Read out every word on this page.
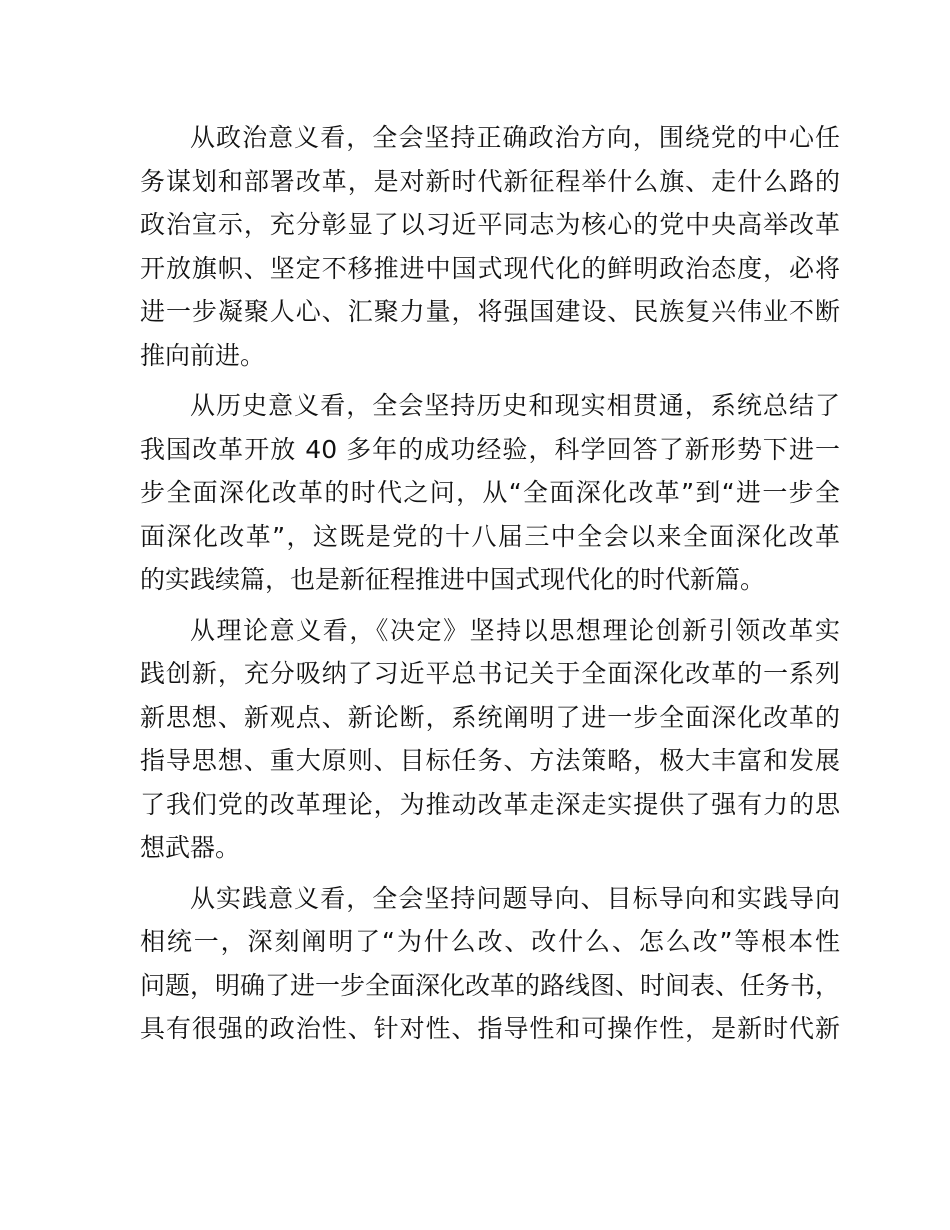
从政治意义看，全会坚持正确政治方向，围绕党的中心任
务谋划和部署改革，是对新时代新征程举什么旗、走什么路的
政治宣示，充分彰显了以习近平同志为核心的党中央高举改革
开放旗帜、坚定不移推进中国式现代化的鲜明政治态度，必将
进一步凝聚人心、汇聚力量，将强国建设、民族复兴伟业不断
推向前进。

从历史意义看，全会坚持历史和现实相贯通，系统总结了
我国改革开放 40 多年的成功经验，科学回答了新形势下进一
步全面深化改革的时代之问，从“全面深化改革”到“进一步全
面深化改革”，这既是党的十八届三中全会以来全面深化改革
的实践续篇，也是新征程推进中国式现代化的时代新篇。

从理论意义看，《决定》坚持以思想理论创新引领改革实
践创新，充分吸纳了习近平总书记关于全面深化改革的一系列
新思想、新观点、新论断，系统阐明了进一步全面深化改革的
指导思想、重大原则、目标任务、方法策略，极大丰富和发展
了我们党的改革理论，为推动改革走深走实提供了强有力的思
想武器。

从实践意义看，全会坚持问题导向、目标导向和实践导向
相统一，深刻阐明了“为什么改、改什么、怎么改”等根本性
问题，明确了进一步全面深化改革的路线图、时间表、任务书，
具有很强的政治性、针对性、指导性和可操作性，是新时代新
